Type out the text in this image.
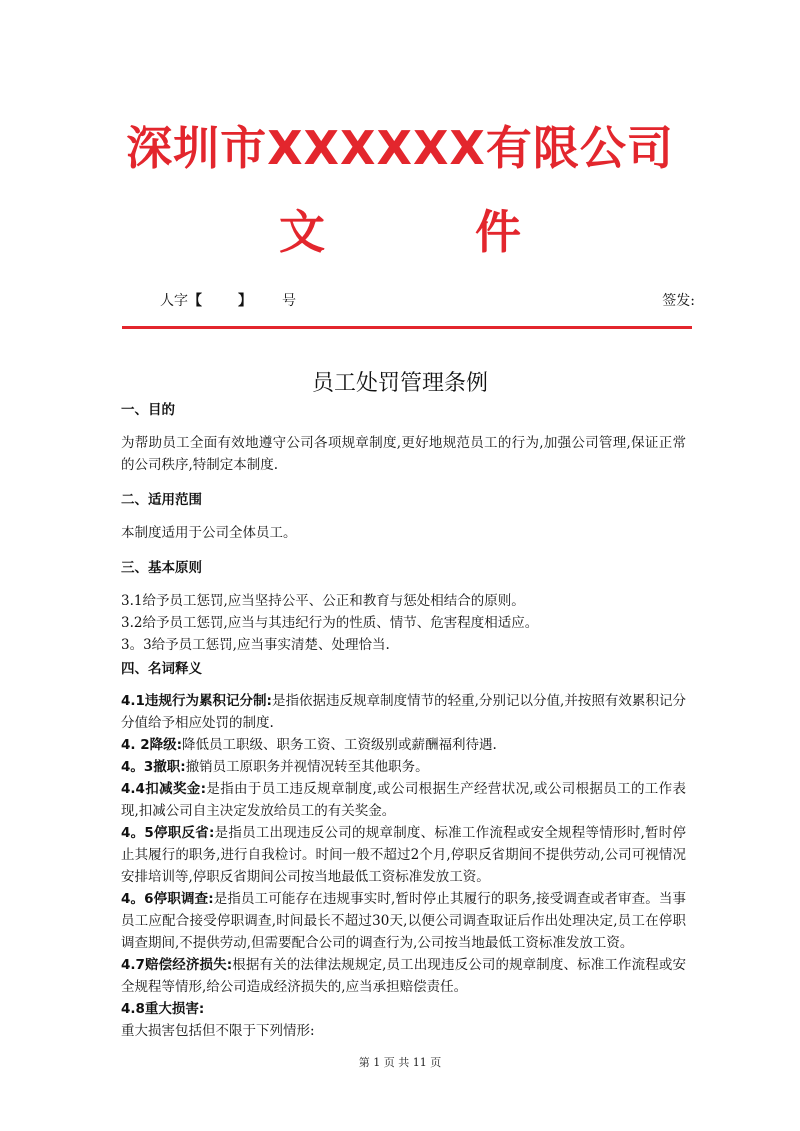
深圳市XXXXXX有限公司
文	件
人字【	】 号	签发:
员工处罚管理条例

一、目的

为帮助员工全面有效地遵守公司各项规章制度,更好地规范员工的行为,加强公司管理,保证正常的公司秩序,特制定本制度.

二、适用范围

本制度适用于公司全体员工。

三、基本原则

3.1给予员工惩罚,应当坚持公平、公正和教育与惩处相结合的原则。

3.2给予员工惩罚,应当与其违纪行为的性质、情节、危害程度相适应。

3。3给予员工惩罚,应当事实清楚、处理恰当.

四、名词释义

4.1违规行为累积记分制:是指依据违反规章制度情节的轻重,分别记以分值,并按照有效累积记分分值给予相应处罚的制度.

4. 2降级:降低员工职级、职务工资、工资级别或薪酬福利待遇.

4。3撤职:撤销员工原职务并视情况转至其他职务。

4.4扣减奖金:是指由于员工违反规章制度,或公司根据生产经营状况,或公司根据员工的工作表现,扣减公司自主决定发放给员工的有关奖金。

4。5停职反省:是指员工出现违反公司的规章制度、标准工作流程或安全规程等情形时,暂时停止其履行的职务,进行自我检讨。时间一般不超过2个月,停职反省期间不提供劳动,公司可视情况安排培训等,停职反省期间公司按当地最低工资标准发放工资。

4。6停职调查:是指员工可能存在违规事实时,暂时停止其履行的职务,接受调查或者审查。当事员工应配合接受停职调查,时间最长不超过30天,以便公司调查取证后作出处理决定,员工在停职调查期间,不提供劳动,但需要配合公司的调查行为,公司按当地最低工资标准发放工资。

4.7赔偿经济损失:根据有关的法律法规规定,员工出现违反公司的规章制度、标准工作流程或安全规程等情形,给公司造成经济损失的,应当承担赔偿责任。

4.8重大损害:

重大损害包括但不限于下列情形:

第 1 页 共 11 页
